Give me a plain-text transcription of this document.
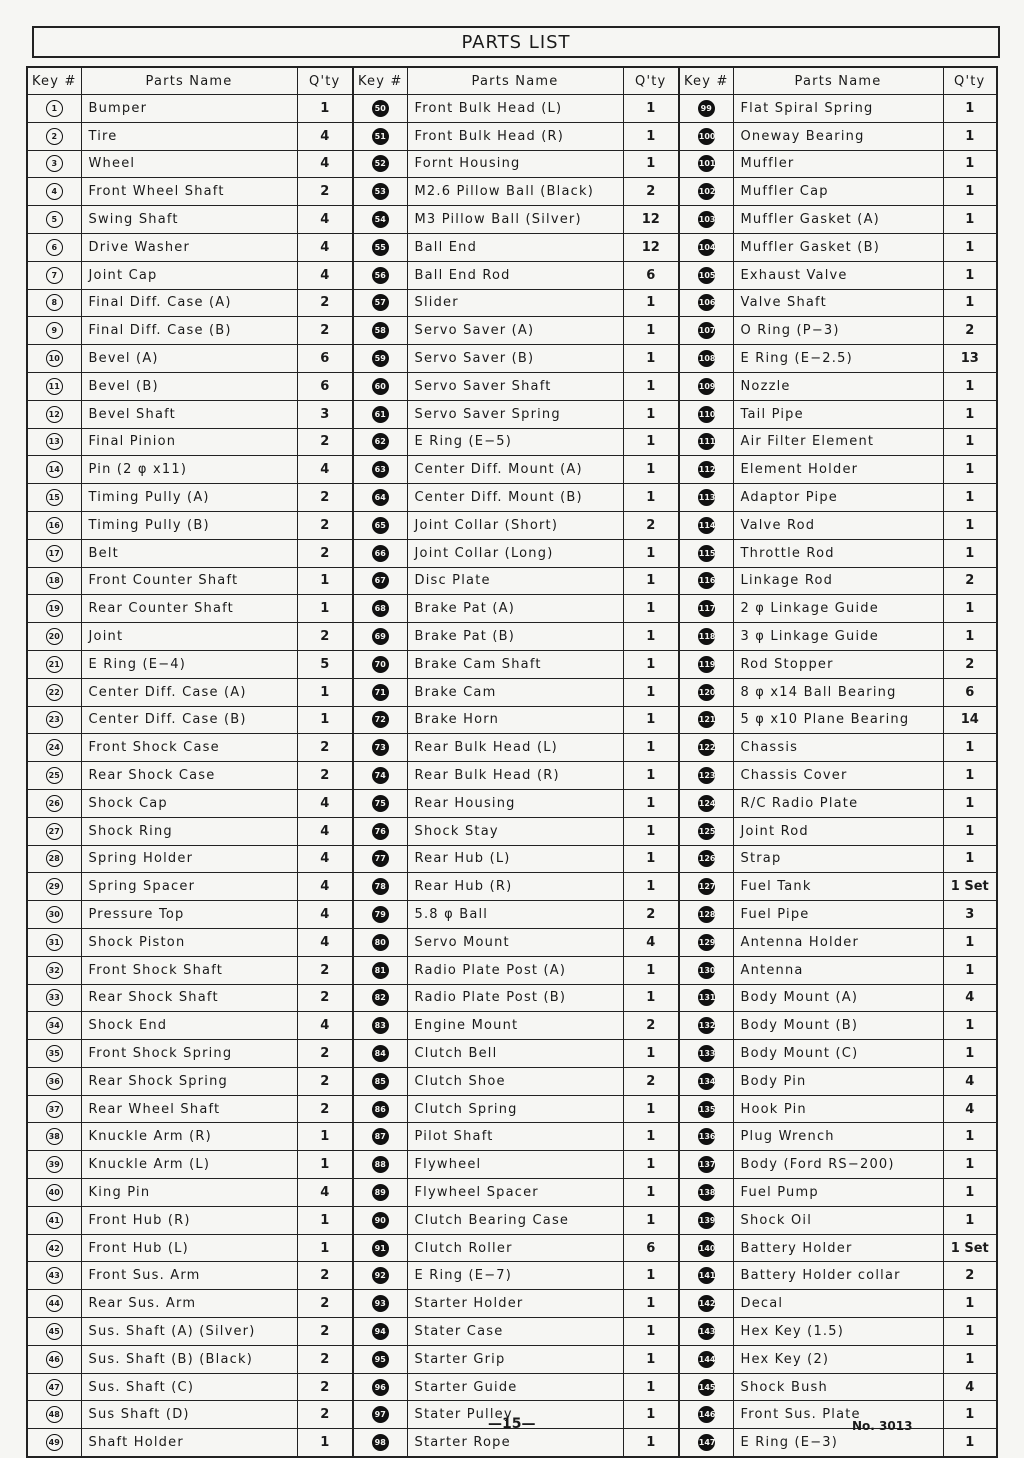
PARTS LIST
Key #	Parts Name	Q'ty	Key #	Parts Name	Q'ty	Key #	Parts Name	Q'ty
1	Bumper	1	50	Front Bulk Head (L)	1	99	Flat Spiral Spring	1
2	Tire	4	51	Front Bulk Head (R)	1	100	Oneway Bearing	1
3	Wheel	4	52	Fornt Housing	1	101	Muffler	1
4	Front Wheel Shaft	2	53	M2.6 Pillow Ball (Black)	2	102	Muffler Cap	1
5	Swing Shaft	4	54	M3 Pillow Ball (Silver)	12	103	Muffler Gasket (A)	1
6	Drive Washer	4	55	Ball End	12	104	Muffler Gasket (B)	1
7	Joint Cap	4	56	Ball End Rod	6	105	Exhaust Valve	1
8	Final Diff. Case (A)	2	57	Slider	1	106	Valve Shaft	1
9	Final Diff. Case (B)	2	58	Servo Saver (A)	1	107	O Ring (P−3)	2
10	Bevel (A)	6	59	Servo Saver (B)	1	108	E Ring (E−2.5)	13
11	Bevel (B)	6	60	Servo Saver Shaft	1	109	Nozzle	1
12	Bevel Shaft	3	61	Servo Saver Spring	1	110	Tail Pipe	1
13	Final Pinion	2	62	E Ring (E−5)	1	111	Air Filter Element	1
14	Pin (2 φ x11)	4	63	Center Diff. Mount (A)	1	112	Element Holder	1
15	Timing Pully (A)	2	64	Center Diff. Mount (B)	1	113	Adaptor Pipe	1
16	Timing Pully (B)	2	65	Joint Collar (Short)	2	114	Valve Rod	1
17	Belt	2	66	Joint Collar (Long)	1	115	Throttle Rod	1
18	Front Counter Shaft	1	67	Disc Plate	1	116	Linkage Rod	2
19	Rear Counter Shaft	1	68	Brake Pat (A)	1	117	2 φ Linkage Guide	1
20	Joint	2	69	Brake Pat (B)	1	118	3 φ Linkage Guide	1
21	E Ring (E−4)	5	70	Brake Cam Shaft	1	119	Rod Stopper	2
22	Center Diff. Case (A)	1	71	Brake Cam	1	120	8 φ x14 Ball Bearing	6
23	Center Diff. Case (B)	1	72	Brake Horn	1	121	5 φ x10 Plane Bearing	14
24	Front Shock Case	2	73	Rear Bulk Head (L)	1	122	Chassis	1
25	Rear Shock Case	2	74	Rear Bulk Head (R)	1	123	Chassis Cover	1
26	Shock Cap	4	75	Rear Housing	1	124	R/C Radio Plate	1
27	Shock Ring	4	76	Shock Stay	1	125	Joint Rod	1
28	Spring Holder	4	77	Rear Hub (L)	1	126	Strap	1
29	Spring Spacer	4	78	Rear Hub (R)	1	127	Fuel Tank	1 Set
30	Pressure Top	4	79	5.8 φ Ball	2	128	Fuel Pipe	3
31	Shock Piston	4	80	Servo Mount	4	129	Antenna Holder	1
32	Front Shock Shaft	2	81	Radio Plate Post (A)	1	130	Antenna	1
33	Rear Shock Shaft	2	82	Radio Plate Post (B)	1	131	Body Mount (A)	4
34	Shock End	4	83	Engine Mount	2	132	Body Mount (B)	1
35	Front Shock Spring	2	84	Clutch Bell	1	133	Body Mount (C)	1
36	Rear Shock Spring	2	85	Clutch Shoe	2	134	Body Pin	4
37	Rear Wheel Shaft	2	86	Clutch Spring	1	135	Hook Pin	4
38	Knuckle Arm (R)	1	87	Pilot Shaft	1	136	Plug Wrench	1
39	Knuckle Arm (L)	1	88	Flywheel	1	137	Body (Ford RS−200)	1
40	King Pin	4	89	Flywheel Spacer	1	138	Fuel Pump	1
41	Front Hub (R)	1	90	Clutch Bearing Case	1	139	Shock Oil	1
42	Front Hub (L)	1	91	Clutch Roller	6	140	Battery Holder	1 Set
43	Front Sus. Arm	2	92	E Ring (E−7)	1	141	Battery Holder collar	2
44	Rear Sus. Arm	2	93	Starter Holder	1	142	Decal	1
45	Sus. Shaft (A) (Silver)	2	94	Stater Case	1	143	Hex Key (1.5)	1
46	Sus. Shaft (B) (Black)	2	95	Starter Grip	1	144	Hex Key (2)	1
47	Sus. Shaft (C)	2	96	Starter Guide	1	145	Shock Bush	4
48	Sus Shaft (D)	2	97	Stater Pulley	1	146	Front Sus. Plate	1
49	Shaft Holder	1	98	Starter Rope	1	147	E Ring (E−3)	1
—15—	No. 3013
